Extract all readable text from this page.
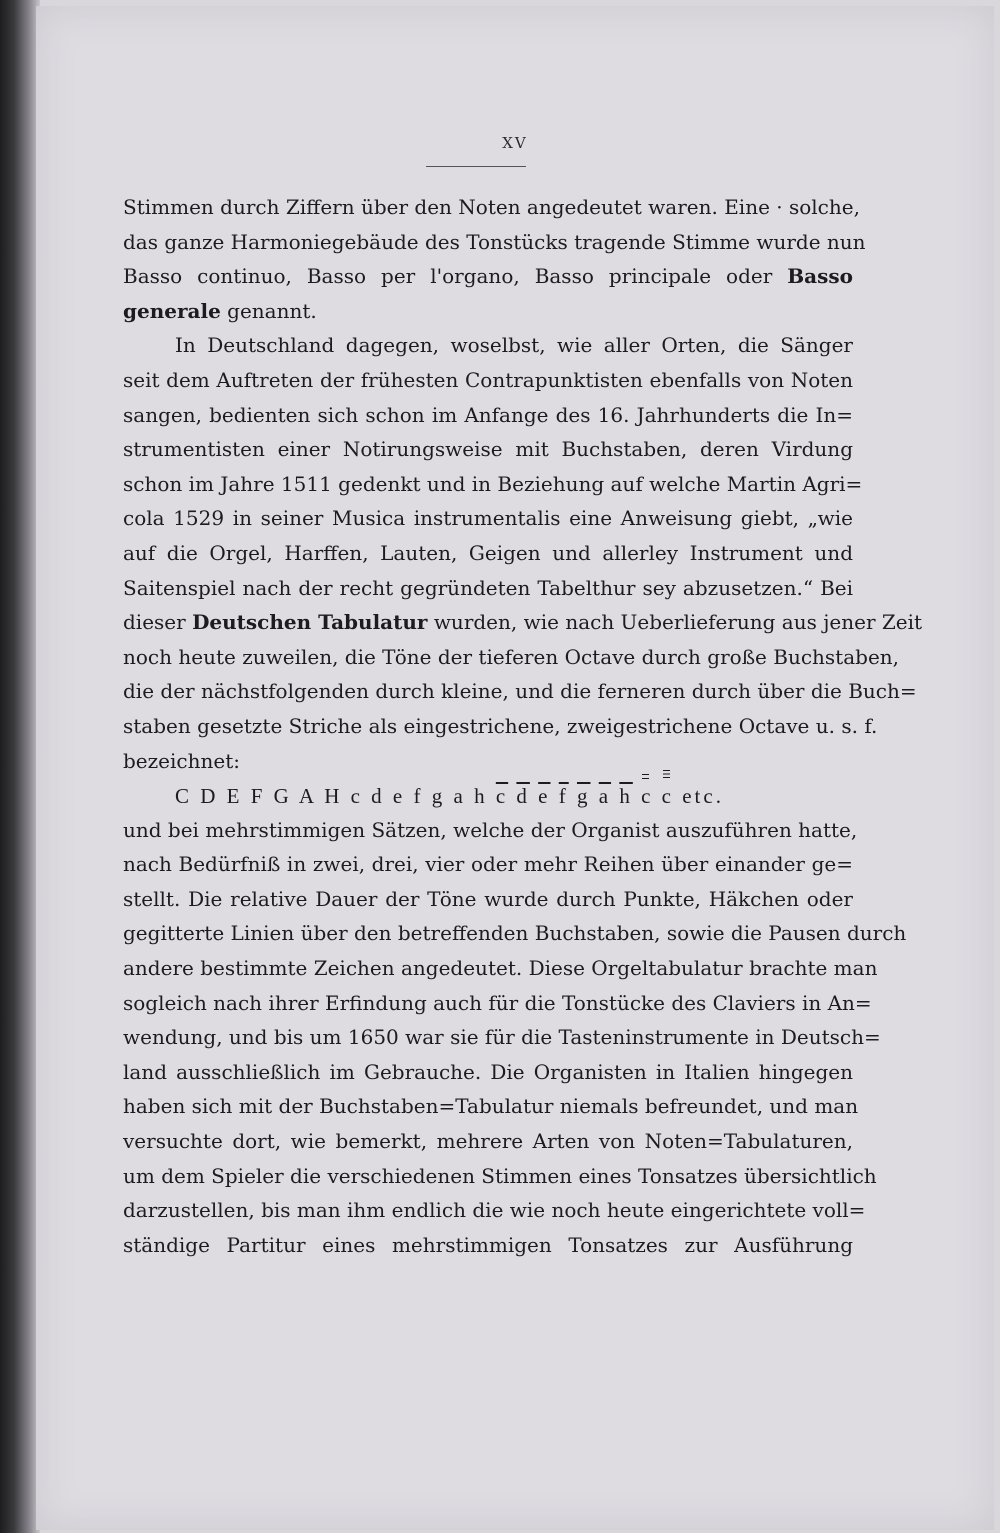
XV
Stimmen durch Ziffern über den Noten angedeutet waren. Eine · solche,
das ganze Harmoniegebäude des Tonstücks tragende Stimme wurde nun
Basso continuo, Basso per l'organo, Basso principale oder Basso
generale genannt.
In Deutschland dagegen, woselbst, wie aller Orten, die Sänger
seit dem Auftreten der frühesten Contrapunktisten ebenfalls von Noten
sangen, bedienten sich schon im Anfange des 16. Jahrhunderts die In=
strumentisten einer Notirungsweise mit Buchstaben, deren Virdung
schon im Jahre 1511 gedenkt und in Beziehung auf welche Martin Agri=
cola 1529 in seiner Musica instrumentalis eine Anweisung giebt, „wie
auf die Orgel, Harffen, Lauten, Geigen und allerley Instrument und
Saitenspiel nach der recht gegründeten Tabelthur sey abzusetzen.“ Bei
dieser Deutschen Tabulatur wurden, wie nach Ueberlieferung aus jener Zeit
noch heute zuweilen, die Töne der tieferen Octave durch große Buchstaben,
die der nächstfolgenden durch kleine, und die ferneren durch über die Buch=
staben gesetzte Striche als eingestrichene, zweigestrichene Octave u. s. f.
bezeichnet:
C D E F G A H c d e f g a h $\overline{c}$ $\overline{d}$ $\overline{e}$ $\overline{f}$ $\overline{g}$ $\overline{a}$ $\overline{h}$ c c etc.
und bei mehrstimmigen Sätzen, welche der Organist auszuführen hatte,
nach Bedürfniß in zwei, drei, vier oder mehr Reihen über einander ge=
stellt. Die relative Dauer der Töne wurde durch Punkte, Häkchen oder
gegitterte Linien über den betreffenden Buchstaben, sowie die Pausen durch
andere bestimmte Zeichen angedeutet. Diese Orgeltabulatur brachte man
sogleich nach ihrer Erfindung auch für die Tonstücke des Claviers in An=
wendung, und bis um 1650 war sie für die Tasteninstrumente in Deutsch=
land ausschließlich im Gebrauche. Die Organisten in Italien hingegen
haben sich mit der Buchstaben=Tabulatur niemals befreundet, und man
versuchte dort, wie bemerkt, mehrere Arten von Noten=Tabulaturen,
um dem Spieler die verschiedenen Stimmen eines Tonsatzes übersichtlich
darzustellen, bis man ihm endlich die wie noch heute eingerichtete voll=
ständige Partitur eines mehrstimmigen Tonsatzes zur Ausführung
